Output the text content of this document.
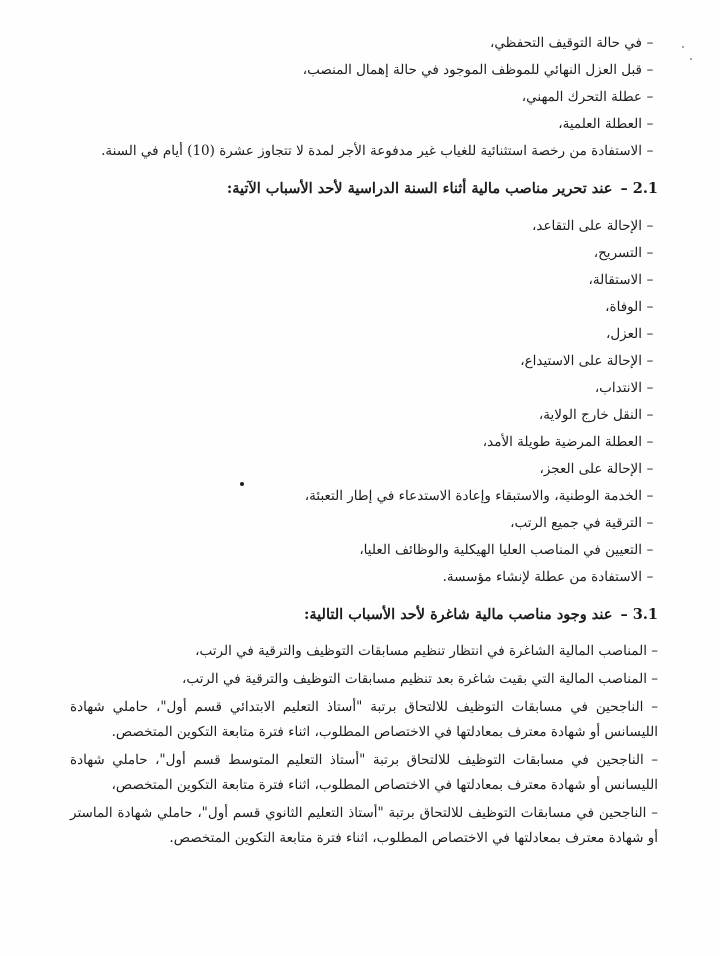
–في حالة التوقيف التحفظي،
–قبل العزل النهائي للموظف الموجود في حالة إهمال المنصب،
–عطلة التحرك المهني،
–العطلة العلمية،
–الاستفادة من رخصة استثنائية للغياب غير مدفوعة الأجر لمدة لا تتجاوز عشرة (10) أيام في السنة.
2.1 –عند تحرير مناصب مالية أثناء السنة الدراسية لأحد الأسباب الآتية:
–الإحالة على التقاعد،
–التسريح،
–الاستقالة،
–الوفاة،
–العزل،
–الإحالة على الاستيداع،
–الانتداب،
–النقل خارج الولاية،
–العطلة المرضية طويلة الأمد،
–الإحالة على العجز،
–الخدمة الوطنية، والاستبقاء وإعادة الاستدعاء في إطار التعبئة،
–الترقية في جميع الرتب،
–التعيين في المناصب العليا الهيكلية والوظائف العليا،
–الاستفادة من عطلة لإنشاء مؤسسة.
3.1 –عند وجود مناصب مالية شاغرة لأحد الأسباب التالية:

– المناصب المالية الشاغرة في انتظار تنظيم مسابقات التوظيف والترقية في الرتب،

– المناصب المالية التي بقيت شاغرة بعد تنظيم مسابقات التوظيف والترقية في الرتب،

– الناجحين في مسابقات التوظيف للالتحاق برتبة "أستاذ التعليم الابتدائي قسم أول"، حاملي شهادة الليسانس أو شهادة معترف بمعادلتها في الاختصاص المطلوب، اثناء فترة متابعة التكوين المتخصص.

– الناجحين في مسابقات التوظيف للالتحاق برتبة "أستاذ التعليم المتوسط قسم أول"، حاملي شهادة الليسانس أو شهادة معترف بمعادلتها في الاختصاص المطلوب، اثناء فترة متابعة التكوين المتخصص،

– الناجحين في مسابقات التوظيف للالتحاق برتبة "أستاذ التعليم الثانوي قسم أول"، حاملي شهادة الماستر أو شهادة معترف بمعادلتها في الاختصاص المطلوب، اثناء فترة متابعة التكوين المتخصص.
